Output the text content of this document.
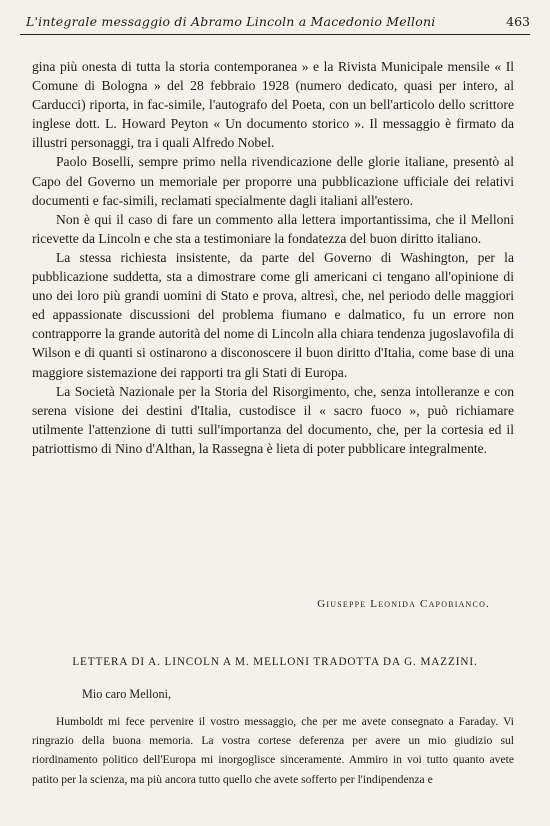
L'integrale messaggio di Abramo Lincoln a Macedonio Melloni	463

gina più onesta di tutta la storia contemporanea » e la Rivista Municipale mensile « Il Comune di Bologna » del 28 febbraio 1928 (numero dedicato, quasi per intero, al Carducci) riporta, in fac-simile, l'autografo del Poeta, con un bell'articolo dello scrittore inglese dott. L. Howard Peyton « Un documento storico ». Il messaggio è firmato da illustri personaggi, tra i quali Alfredo Nobel.

Paolo Boselli, sempre primo nella rivendicazione delle glorie italiane, presentò al Capo del Governo un memoriale per proporre una pubblicazione ufficiale dei relativi documenti e fac-simili, reclamati specialmente dagli italiani all'estero.

Non è qui il caso di fare un commento alla lettera importantissima, che il Melloni ricevette da Lincoln e che sta a testimoniare la fondatezza del buon diritto italiano.

La stessa richiesta insistente, da parte del Governo di Washington, per la pubblicazione suddetta, sta a dimostrare come gli americani ci tengano all'opinione di uno dei loro più grandi uomini di Stato e prova, altresì, che, nel periodo delle maggiori ed appassionate discussioni del problema fiumano e dalmatico, fu un errore non contrapporre la grande autorità del nome di Lincoln alla chiara tendenza jugoslavofila di Wilson e di quanti si ostinarono a disconoscere il buon diritto d'Italia, come base di una maggiore sistemazione dei rapporti tra gli Stati di Europa.

La Società Nazionale per la Storia del Risorgimento, che, senza intolleranze e con serena visione dei destini d'Italia, custodisce il « sacro fuoco », può richiamare utilmente l'attenzione di tutti sull'importanza del documento, che, per la cortesia ed il patriottismo di Nino d'Althan, la Rassegna è lieta di poter pubblicare integralmente.

Giuseppe Leonida Capobianco.
LETTERA DI A. LINCOLN A M. MELLONI TRADOTTA DA G. MAZZINI.
Mio caro Melloni,

Humboldt mi fece pervenire il vostro messaggio, che per me avete consegnato a Faraday. Vi ringrazio della buona memoria. La vostra cortese deferenza per avere un mio giudizio sul riordinamento politico dell'Europa mi inorgoglisce sinceramente. Ammiro in voi tutto quanto avete patito per la scienza, ma più ancora tutto quello che avete sofferto per l'indipendenza e
